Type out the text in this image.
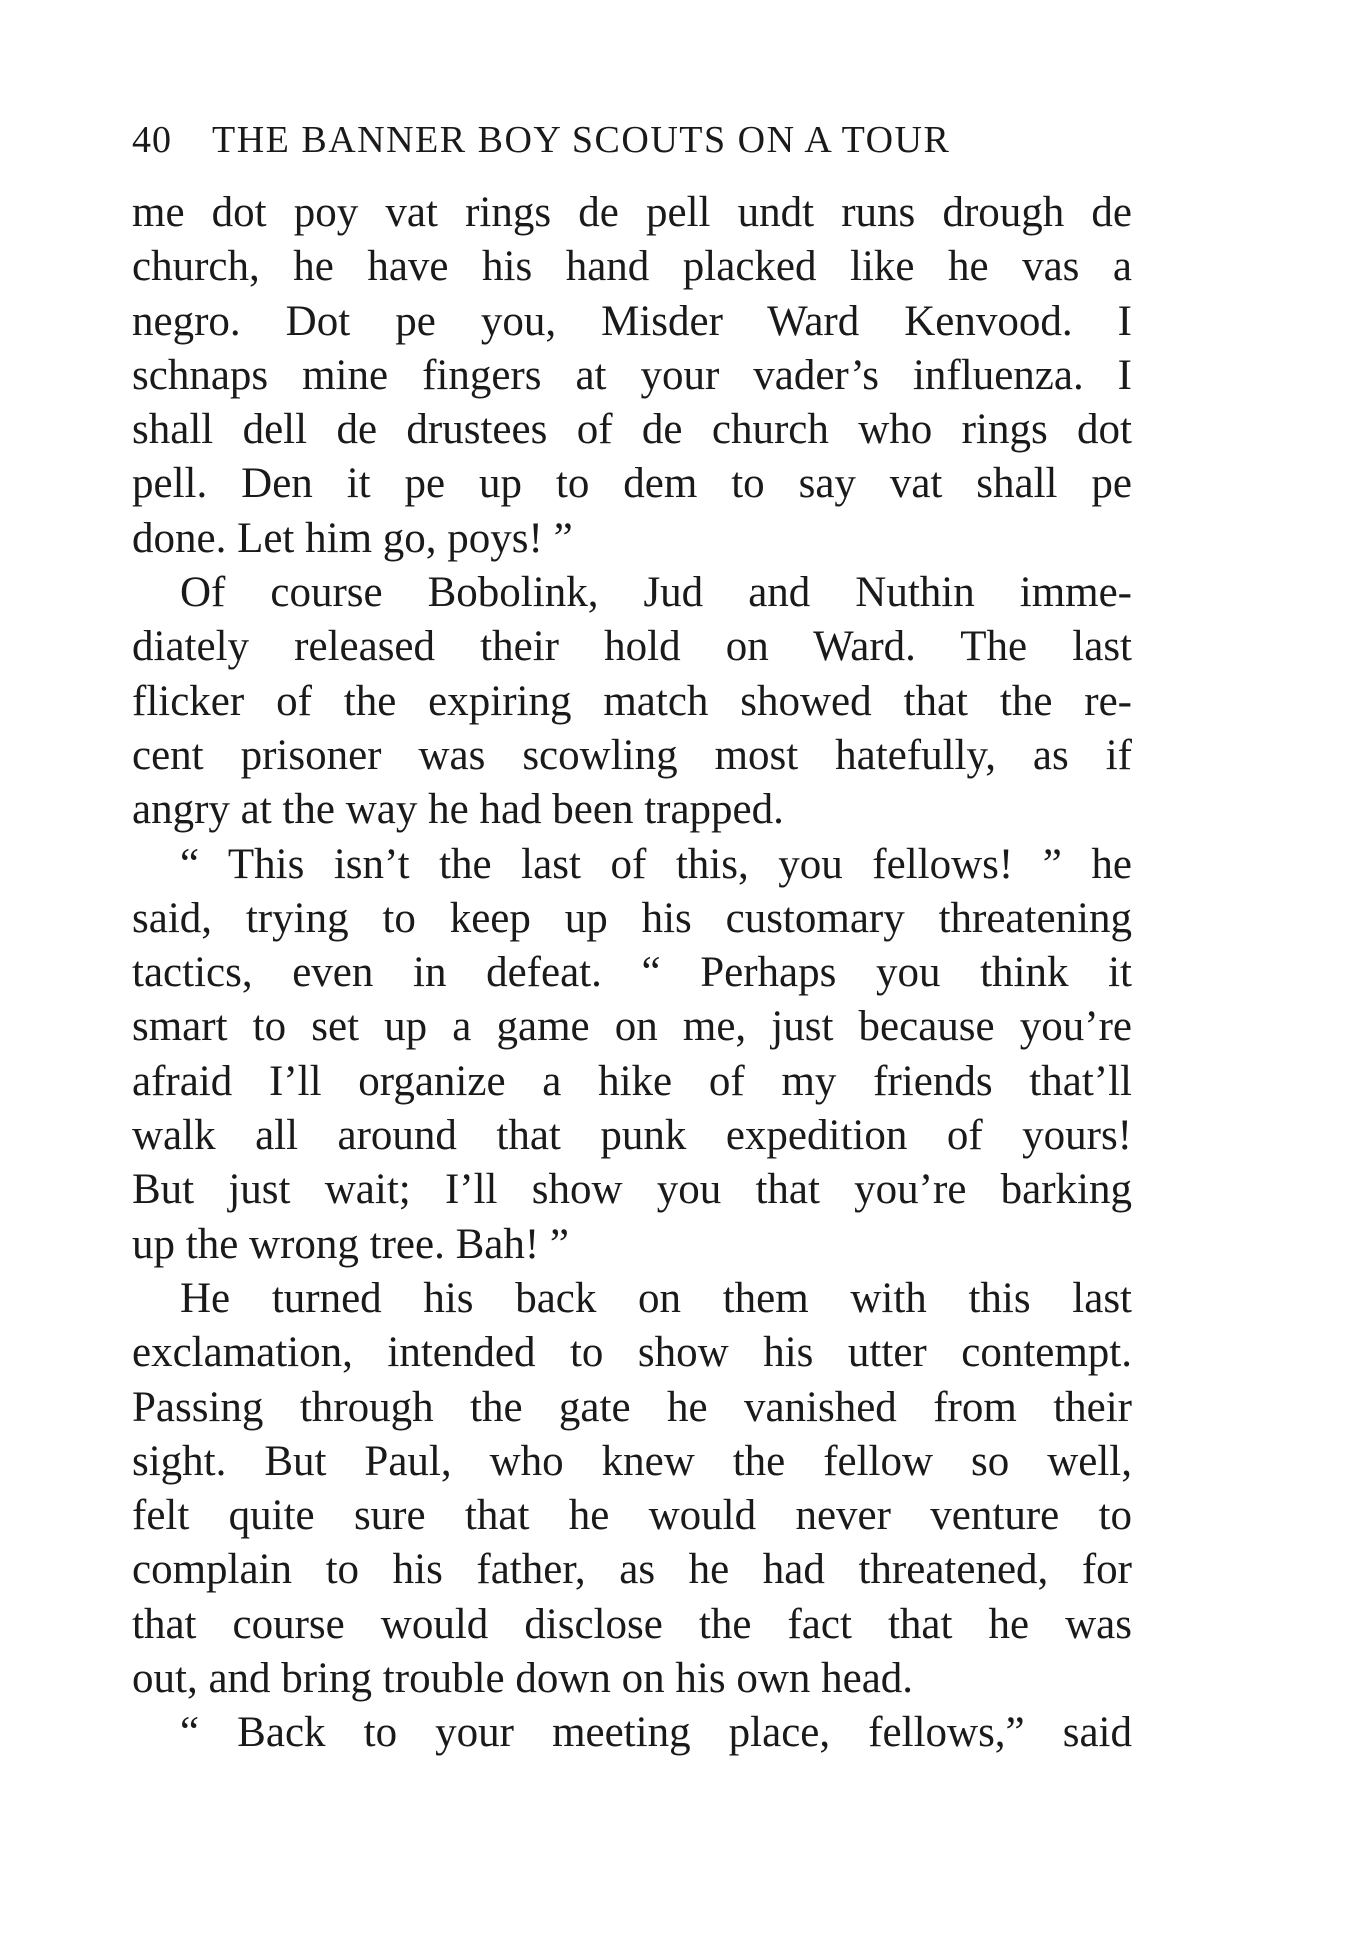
40	THE BANNER BOY SCOUTS ON A TOUR
me dot poy vat rings de pell undt runs drough de
church, he have his hand placked like he vas a
negro. Dot pe you, Misder Ward Kenvood. I
schnaps mine fingers at your vader’s influenza. I
shall dell de drustees of de church who rings dot
pell. Den it pe up to dem to say vat shall pe
done. Let him go, poys! ”
Of course Bobolink, Jud and Nuthin imme-
diately released their hold on Ward. The last
flicker of the expiring match showed that the re-
cent prisoner was scowling most hatefully, as if
angry at the way he had been trapped.
“ This isn’t the last of this, you fellows! ” he
said, trying to keep up his customary threatening
tactics, even in defeat. “ Perhaps you think it
smart to set up a game on me, just because you’re
afraid I’ll organize a hike of my friends that’ll
walk all around that punk expedition of yours!
But just wait; I’ll show you that you’re barking
up the wrong tree. Bah! ”
He turned his back on them with this last
exclamation, intended to show his utter contempt.
Passing through the gate he vanished from their
sight. But Paul, who knew the fellow so well,
felt quite sure that he would never venture to
complain to his father, as he had threatened, for
that course would disclose the fact that he was
out, and bring trouble down on his own head.
“ Back to your meeting place, fellows,” said
